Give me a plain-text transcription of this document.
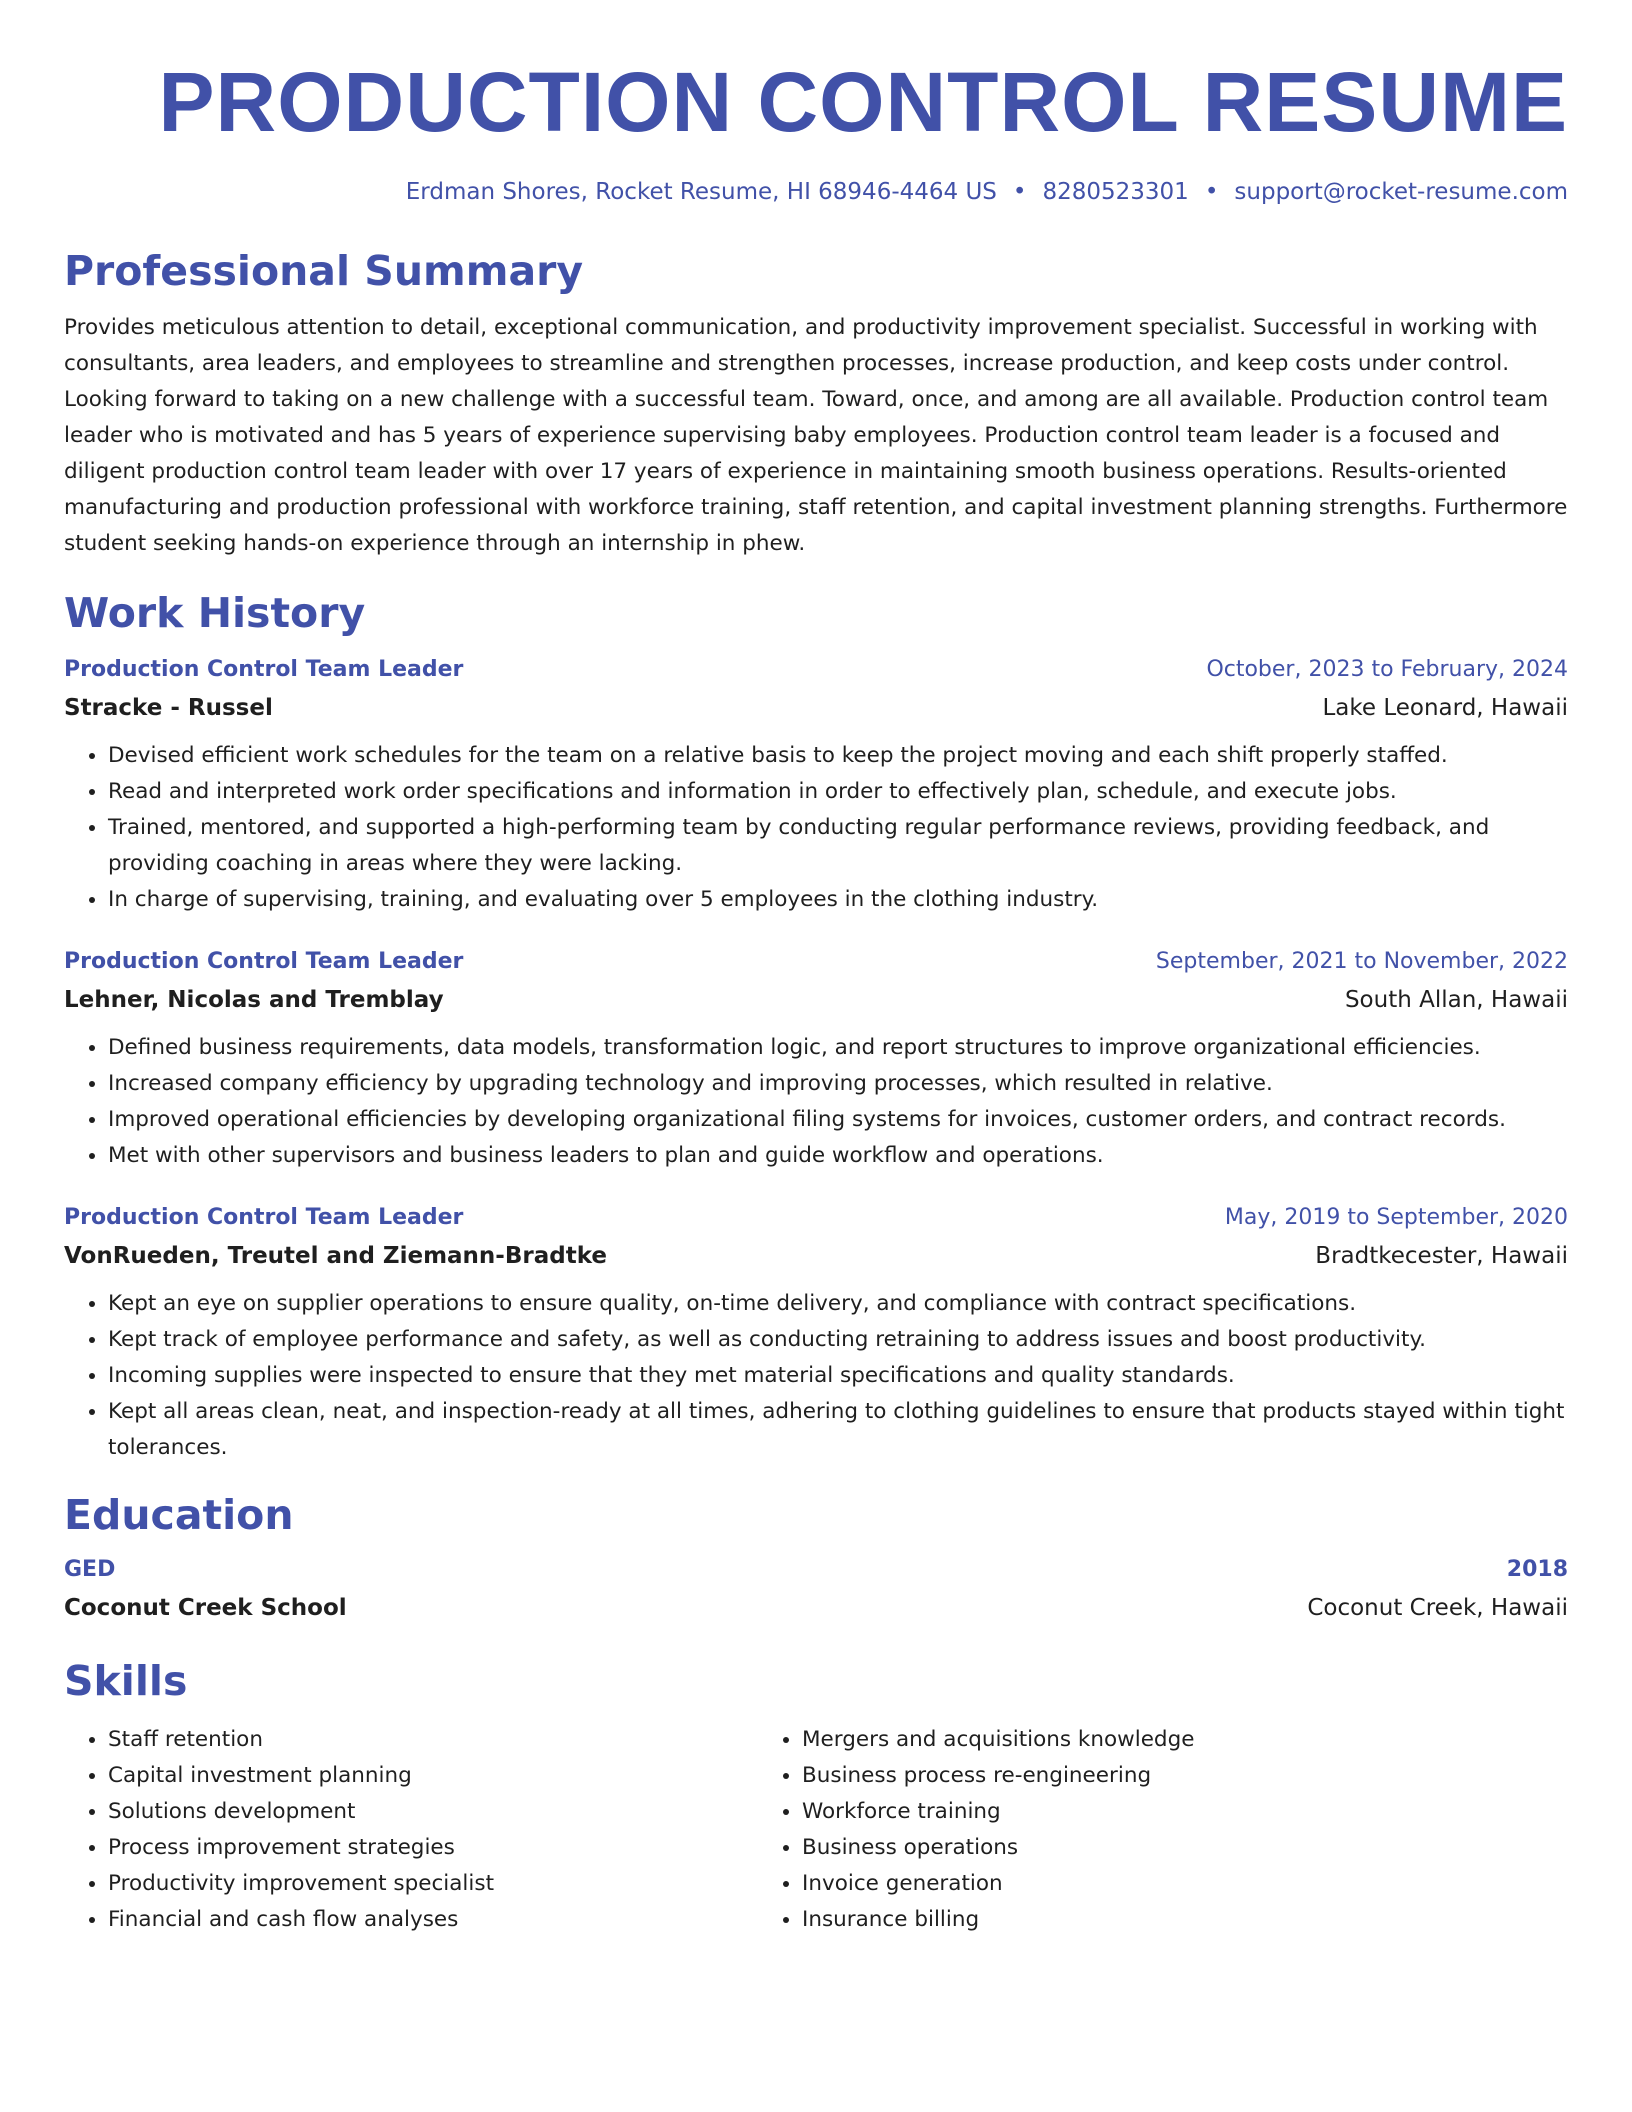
PRODUCTION CONTROL RESUME
Erdman Shores, Rocket Resume, HI 68946-4464 US • 8280523301 • support@rocket-resume.com
Professional Summary

Provides meticulous attention to detail, exceptional communication, and productivity improvement specialist. Successful in working with consultants, area leaders, and employees to streamline and strengthen processes, increase production, and keep costs under control. Looking forward to taking on a new challenge with a successful team. Toward, once, and among are all available. Production control team leader who is motivated and has 5 years of experience supervising baby employees. Production control team leader is a focused and diligent production control team leader with over 17 years of experience in maintaining smooth business operations. Results-oriented manufacturing and production professional with workforce training, staff retention, and capital investment planning strengths. Furthermore student seeking hands-on experience through an internship in phew.

Work History
Production Control Team Leader	October, 2023 to February, 2024
Stracke - Russel	Lake Leonard, Hawaii
• Devised efficient work schedules for the team on a relative basis to keep the project moving and each shift properly staffed.
• Read and interpreted work order specifications and information in order to effectively plan, schedule, and execute jobs.
• Trained, mentored, and supported a high-performing team by conducting regular performance reviews, providing feedback, and providing coaching in areas where they were lacking.
• In charge of supervising, training, and evaluating over 5 employees in the clothing industry.
Production Control Team Leader	September, 2021 to November, 2022
Lehner, Nicolas and Tremblay	South Allan, Hawaii
• Defined business requirements, data models, transformation logic, and report structures to improve organizational efficiencies.
• Increased company efficiency by upgrading technology and improving processes, which resulted in relative.
• Improved operational efficiencies by developing organizational filing systems for invoices, customer orders, and contract records.
• Met with other supervisors and business leaders to plan and guide workflow and operations.
Production Control Team Leader	May, 2019 to September, 2020
VonRueden, Treutel and Ziemann-Bradtke	Bradtkecester, Hawaii
• Kept an eye on supplier operations to ensure quality, on-time delivery, and compliance with contract specifications.
• Kept track of employee performance and safety, as well as conducting retraining to address issues and boost productivity.
• Incoming supplies were inspected to ensure that they met material specifications and quality standards.
• Kept all areas clean, neat, and inspection-ready at all times, adhering to clothing guidelines to ensure that products stayed within tight tolerances.
Education
GED	2018
Coconut Creek School	Coconut Creek, Hawaii
Skills
• Staff retention
• Capital investment planning
• Solutions development
• Process improvement strategies
• Productivity improvement specialist
• Financial and cash flow analyses
• Mergers and acquisitions knowledge
• Business process re-engineering
• Workforce training
• Business operations
• Invoice generation
• Insurance billing
